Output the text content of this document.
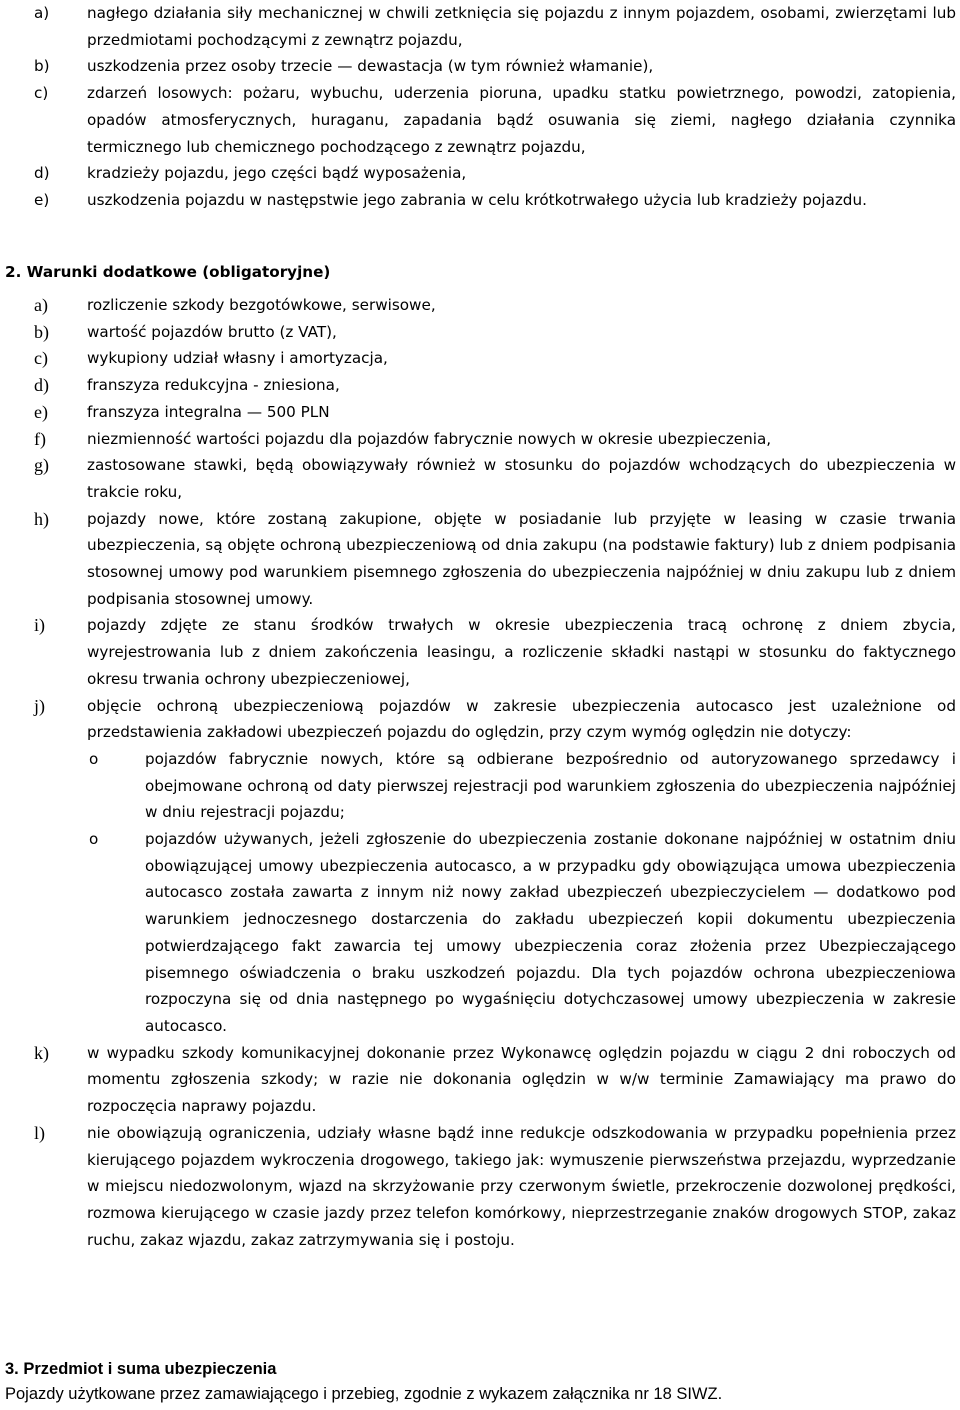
a) nagłego działania siły mechanicznej w chwili zetknięcia się pojazdu z innym pojazdem, osobami, zwierzętami lub przedmiotami pochodzącymi z zewnątrz pojazdu,
b) uszkodzenia przez osoby trzecie — dewastacja (w tym również włamanie),
c)	zdarzeń losowych: pożaru, wybuchu, uderzenia pioruna, upadku statku powietrznego, powodzi, zatopienia, opadów atmosferycznych, huraganu, zapadania bądź osuwania się ziemi, nagłego działania czynnika termicznego lub chemicznego pochodzącego z zewnątrz pojazdu,
d) kradzieży pojazdu, jego części bądź wyposażenia,
e) uszkodzenia pojazdu w następstwie jego zabrania w celu krótkotrwałego użycia lub kradzieży pojazdu.
2. Warunki dodatkowe (obligatoryjne)
a)	rozliczenie szkody bezgotówkowe, serwisowe,
b)	wartość pojazdów brutto (z VAT),
c)	wykupiony udział własny i amortyzacja,
d)	franszyza redukcyjna - zniesiona,
e)	franszyza integralna — 500 PLN
f)	niezmienność wartości pojazdu dla pojazdów fabrycznie nowych w okresie ubezpieczenia,
g)	zastosowane stawki, będą obowiązywały również w stosunku do pojazdów wchodzących do ubezpieczenia w trakcie roku,
h)	pojazdy nowe, które zostaną zakupione, objęte w posiadanie lub przyjęte w leasing w czasie trwania ubezpieczenia, są objęte ochroną ubezpieczeniową od dnia zakupu (na podstawie faktury) lub z dniem podpisania stosownej umowy pod warunkiem pisemnego zgłoszenia do ubezpieczenia najpóźniej w dniu zakupu lub z dniem podpisania stosownej umowy.
i)	pojazdy zdjęte ze stanu środków trwałych w okresie ubezpieczenia tracą ochronę z dniem zbycia, wyrejestrowania lub z dniem zakończenia leasingu, a rozliczenie składki nastąpi w stosunku do faktycznego okresu trwania ochrony ubezpieczeniowej,
j)	objęcie ochroną ubezpieczeniową pojazdów w zakresie ubezpieczenia autocasco jest uzależnione od przedstawienia zakładowi ubezpieczeń pojazdu do oględzin, przy czym wymóg oględzin nie dotyczy:
o	pojazdów fabrycznie nowych, które są odbierane bezpośrednio od autoryzowanego sprzedawcy i obejmowane ochroną od daty pierwszej rejestracji pod warunkiem zgłoszenia do ubezpieczenia najpóźniej w dniu rejestracji pojazdu;
o	pojazdów używanych, jeżeli zgłoszenie do ubezpieczenia zostanie dokonane najpóźniej w ostatnim dniu obowiązującej umowy ubezpieczenia autocasco, a w przypadku gdy obowiązująca umowa ubezpieczenia autocasco została zawarta z innym niż nowy zakład ubezpieczeń ubezpieczycielem — dodatkowo pod warunkiem jednoczesnego dostarczenia do zakładu ubezpieczeń kopii dokumentu ubezpieczenia potwierdzającego fakt zawarcia tej umowy ubezpieczenia coraz złożenia przez Ubezpieczającego pisemnego oświadczenia o braku uszkodzeń pojazdu. Dla tych pojazdów ochrona ubezpieczeniowa rozpoczyna się od dnia następnego po wygaśnięciu dotychczasowej umowy ubezpieczenia w zakresie autocasco.
k)	w wypadku szkody komunikacyjnej dokonanie przez Wykonawcę oględzin pojazdu w ciągu 2 dni roboczych od momentu zgłoszenia szkody; w razie nie dokonania oględzin w w/w terminie Zamawiający ma prawo do rozpoczęcia naprawy pojazdu.
l)	nie obowiązują ograniczenia, udziały własne bądź inne redukcje odszkodowania w przypadku popełnienia przez kierującego pojazdem wykroczenia drogowego, takiego jak: wymuszenie pierwszeństwa przejazdu, wyprzedzanie w miejscu niedozwolonym, wjazd na skrzyżowanie przy czerwonym świetle, przekroczenie dozwolonej prędkości, rozmowa kierującego w czasie jazdy przez telefon komórkowy, nieprzestrzeganie znaków drogowych STOP, zakaz ruchu, zakaz wjazdu, zakaz zatrzymywania się i postoju.
3. Przedmiot i suma ubezpieczenia
Pojazdy użytkowane przez zamawiającego i przebieg, zgodnie z wykazem załącznika nr 18 SIWZ.
